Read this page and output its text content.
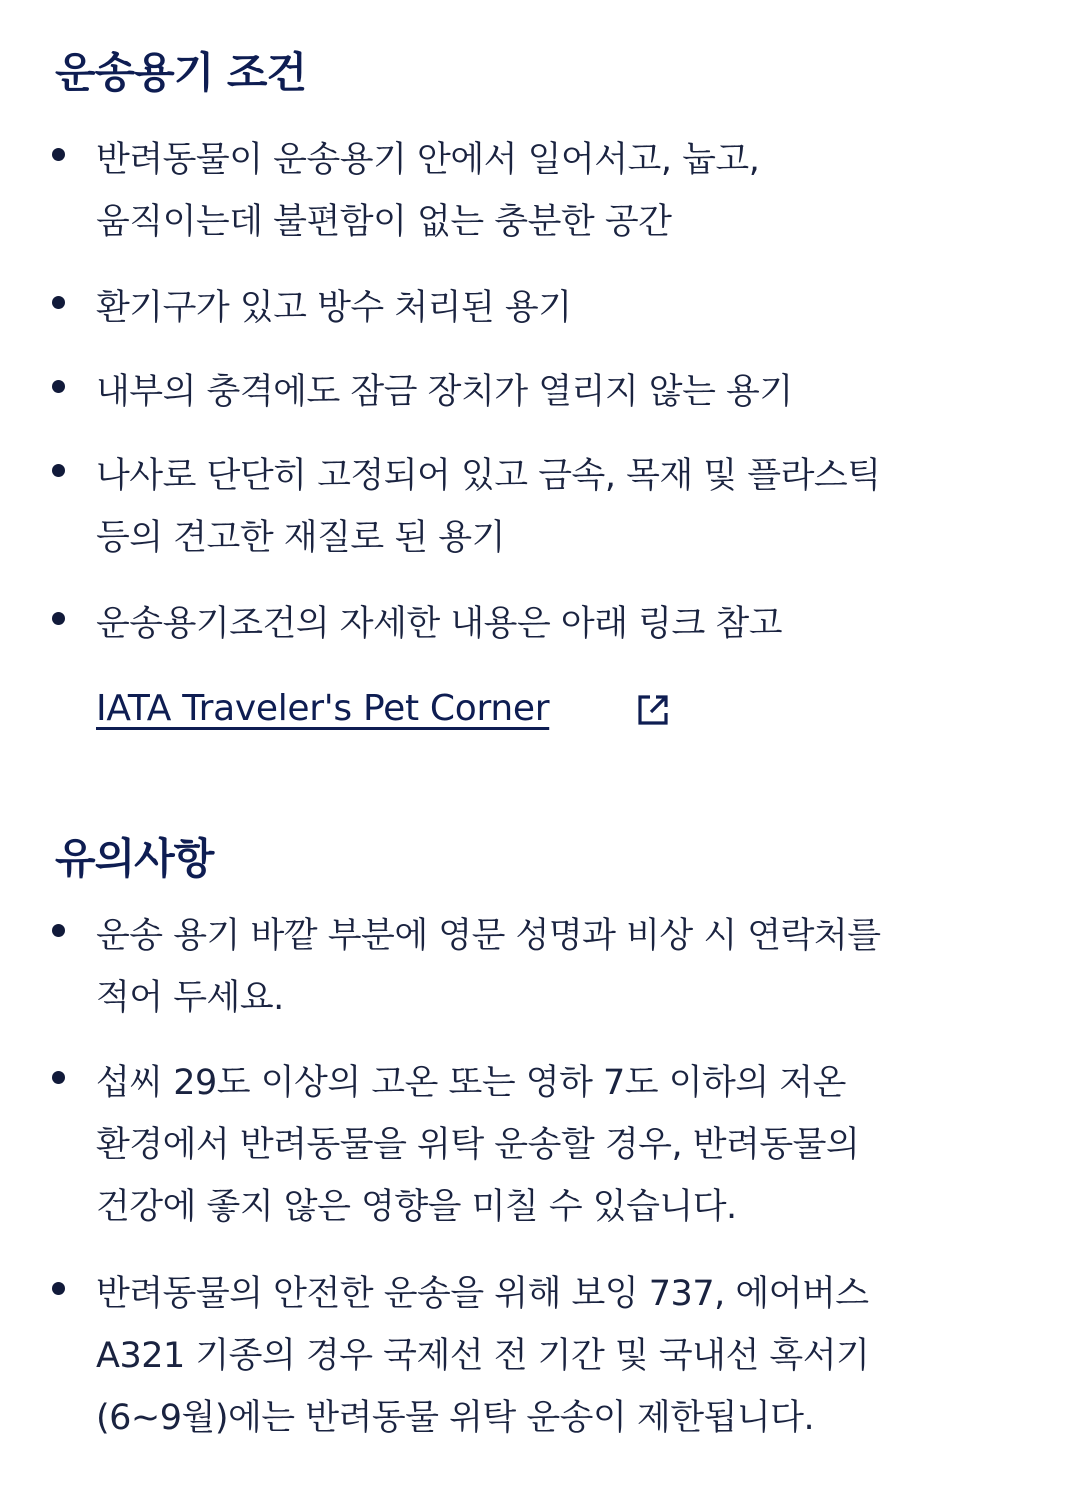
운송용기 조건
반려동물이 운송용기 안에서 일어서고, 눕고,
움직이는데 불편함이 없는 충분한 공간
환기구가 있고 방수 처리된 용기
내부의 충격에도 잠금 장치가 열리지 않는 용기
나사로 단단히 고정되어 있고 금속, 목재 및 플라스틱
등의 견고한 재질로 된 용기
운송용기조건의 자세한 내용은 아래 링크 참고
IATA Traveler's Pet Corner
유의사항
운송 용기 바깥 부분에 영문 성명과 비상 시 연락처를
적어 두세요.
섭씨 29도 이상의 고온 또는 영하 7도 이하의 저온
환경에서 반려동물을 위탁 운송할 경우, 반려동물의
건강에 좋지 않은 영향을 미칠 수 있습니다.
반려동물의 안전한 운송을 위해 보잉 737, 에어버스
A321 기종의 경우 국제선 전 기간 및 국내선 혹서기
(6~9월)에는 반려동물 위탁 운송이 제한됩니다.
